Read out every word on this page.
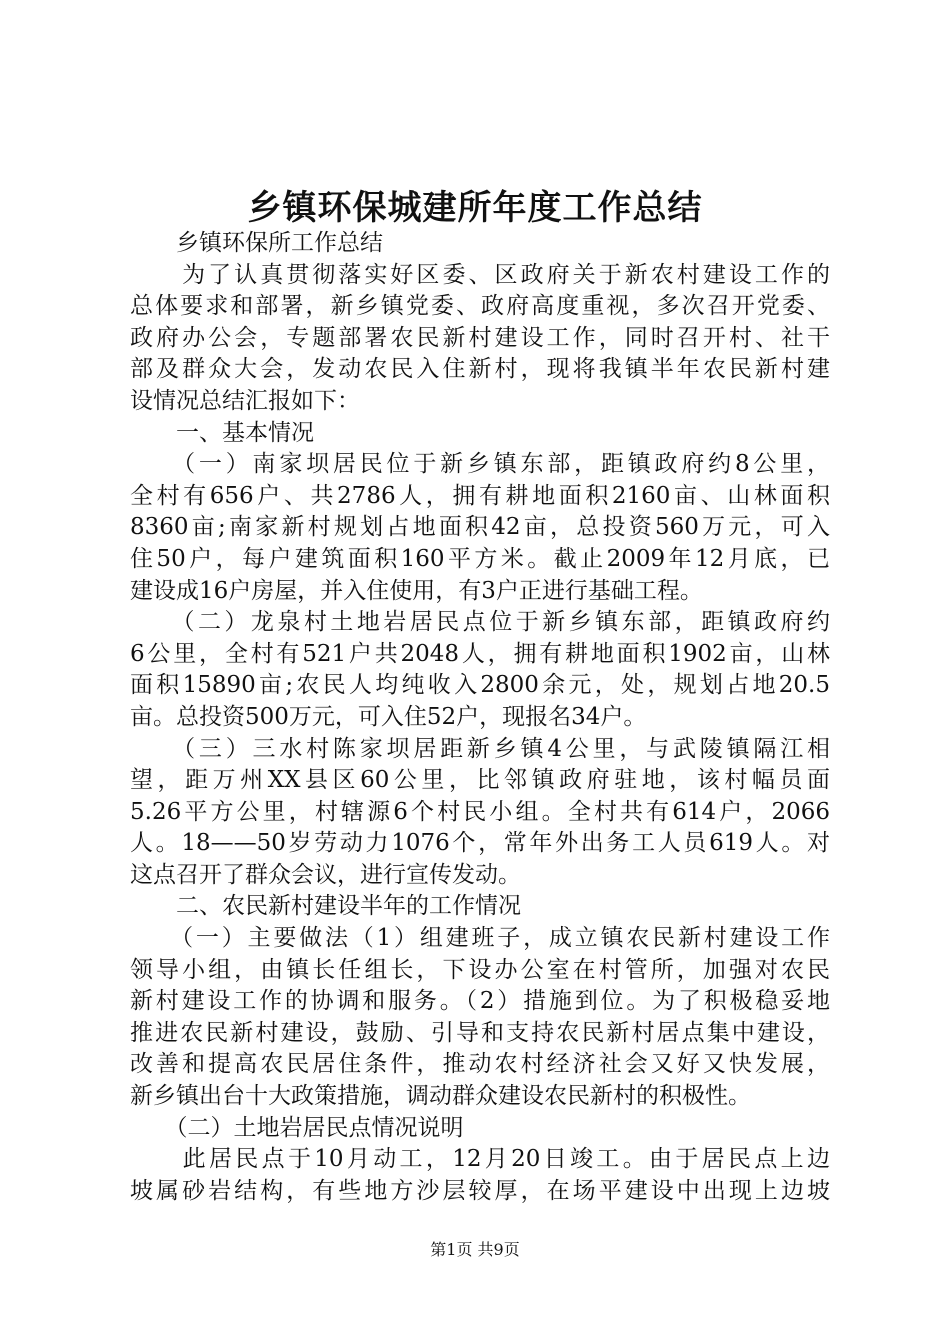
乡镇环保城建所年度工作总结
　　乡镇环保所工作总结
　　为了认真贯彻落实好区委、区政府关于新农村建设工作的
总体要求和部署，新乡镇党委、政府高度重视，多次召开党委、
政府办公会，专题部署农民新村建设工作，同时召开村、社干
部及群众大会，发动农民入住新村，现将我镇半年农民新村建
设情况总结汇报如下：
　　一、基本情况
　　（一）南家坝居民位于新乡镇东部，距镇政府约8公里，
全村有656户、共2786人，拥有耕地面积2160亩、山林面积
8360亩;南家新村规划占地面积42亩，总投资560万元，可入
住50户，每户建筑面积160平方米。截止2009年12月底，已
建设成16户房屋，并入住使用，有3户正进行基础工程。
　　（二）龙泉村土地岩居民点位于新乡镇东部，距镇政府约
6公里，全村有521户共2048人，拥有耕地面积1902亩，山林
面积15890亩;农民人均纯收入2800余元，处，规划占地20.5
亩。总投资500万元，可入住52户，现报名34户。
　　（三）三水村陈家坝居距新乡镇4公里，与武陵镇隔江相
望，距万州XX县区60公里，比邻镇政府驻地，该村幅员面
5.26平方公里，村辖源6个村民小组。全村共有614户，2066
人。18——50岁劳动力1076个，常年外出务工人员619人。对
这点召开了群众会议，进行宣传发动。
　　二、农民新村建设半年的工作情况
　　（一）主要做法（1）组建班子，成立镇农民新村建设工作
领导小组，由镇长任组长，下设办公室在村管所，加强对农民
新村建设工作的协调和服务。（2）措施到位。为了积极稳妥地
推进农民新村建设，鼓励、引导和支持农民新村居点集中建设，
改善和提高农民居住条件，推动农村经济社会又好又快发展，
新乡镇出台十大政策措施，调动群众建设农民新村的积极性。
　　（二）土地岩居民点情况说明
　　此居民点于10月动工，12月20日竣工。由于居民点上边
坡属砂岩结构，有些地方沙层较厚，在场平建设中出现上边坡
第1页 共9页
